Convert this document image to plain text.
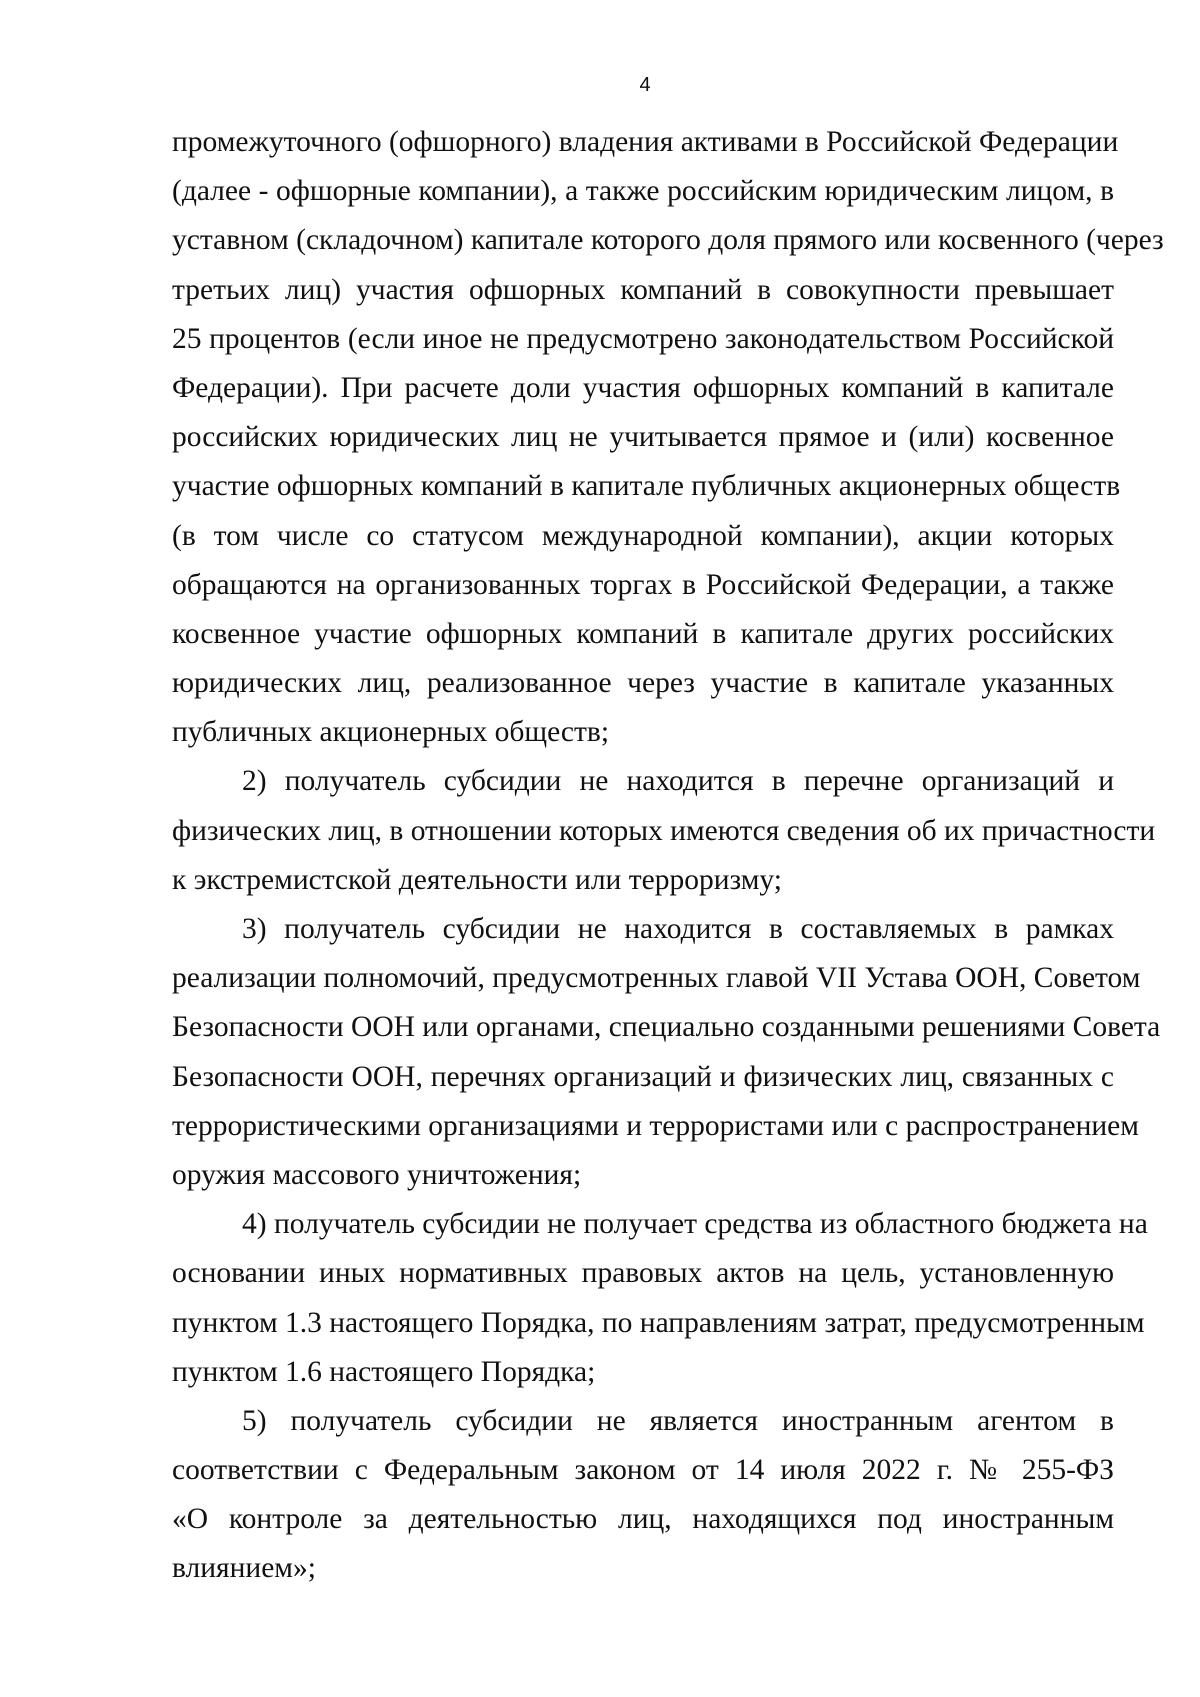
4
промежуточного (офшорного) владения активами в Российской Федерации
(далее - офшорные компании), а также российским юридическим лицом, в
уставном (складочном) капитале которого доля прямого или косвенного (через
третьих лиц) участия офшорных компаний в совокупности превышает
25 процентов (если иное не предусмотрено законодательством Российской
Федерации). При расчете доли участия офшорных компаний в капитале
российских юридических лиц не учитывается прямое и (или) косвенное
участие офшорных компаний в капитале публичных акционерных обществ
(в том числе со статусом международной компании), акции которых
обращаются на организованных торгах в Российской Федерации, а также
косвенное участие офшорных компаний в капитале других российских
юридических лиц, реализованное через участие в капитале указанных
публичных акционерных обществ;
2) получатель субсидии не находится в перечне организаций и
физических лиц, в отношении которых имеются сведения об их причастности
к экстремистской деятельности или терроризму;
3) получатель субсидии не находится в составляемых в рамках
реализации полномочий, предусмотренных главой VII Устава ООН, Советом
Безопасности ООН или органами, специально созданными решениями Совета
Безопасности ООН, перечнях организаций и физических лиц, связанных с
террористическими организациями и террористами или с распространением
оружия массового уничтожения;
4) получатель субсидии не получает средства из областного бюджета на
основании иных нормативных правовых актов на цель, установленную
пунктом 1.3 настоящего Порядка, по направлениям затрат, предусмотренным
пунктом 1.6 настоящего Порядка;
5) получатель субсидии не является иностранным агентом в
соответствии с Федеральным законом от 14 июля 2022 г. № 255-ФЗ
«О контроле за деятельностью лиц, находящихся под иностранным
влиянием»;
